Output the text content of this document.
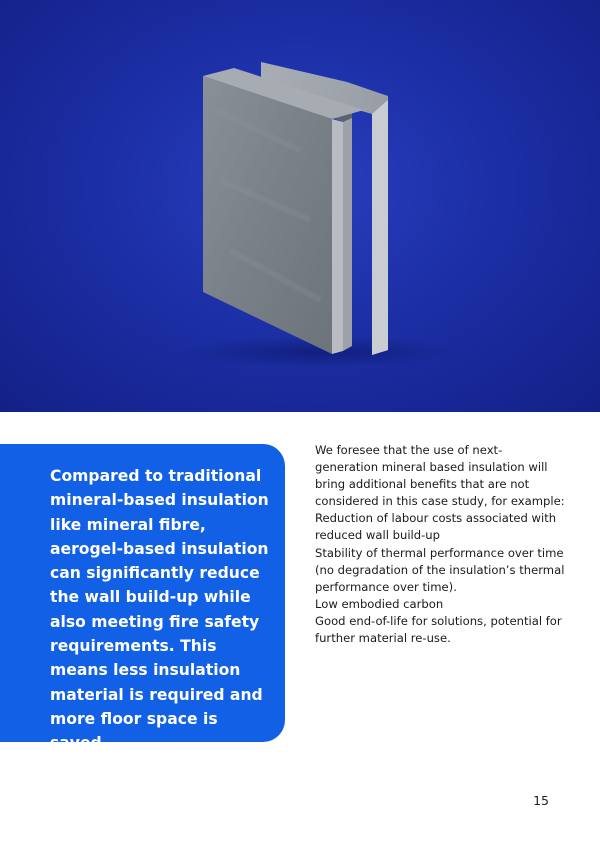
Compared to traditional mineral-based insulation like mineral fibre, aerogel-based insulation can significantly reduce the wall build-up while also meeting fire safety requirements. This means less insulation material is required and more floor space is saved.

We foresee that the use of next-generation mineral based insulation will bring additional benefits that are not considered in this case study, for example:

Reduction of labour costs associated with reduced wall build-up

Stability of thermal performance over time (no degradation of the insulation’s thermal performance over time).

Low embodied carbon

Good end-of-life for solutions, potential for further material re-use.

15
